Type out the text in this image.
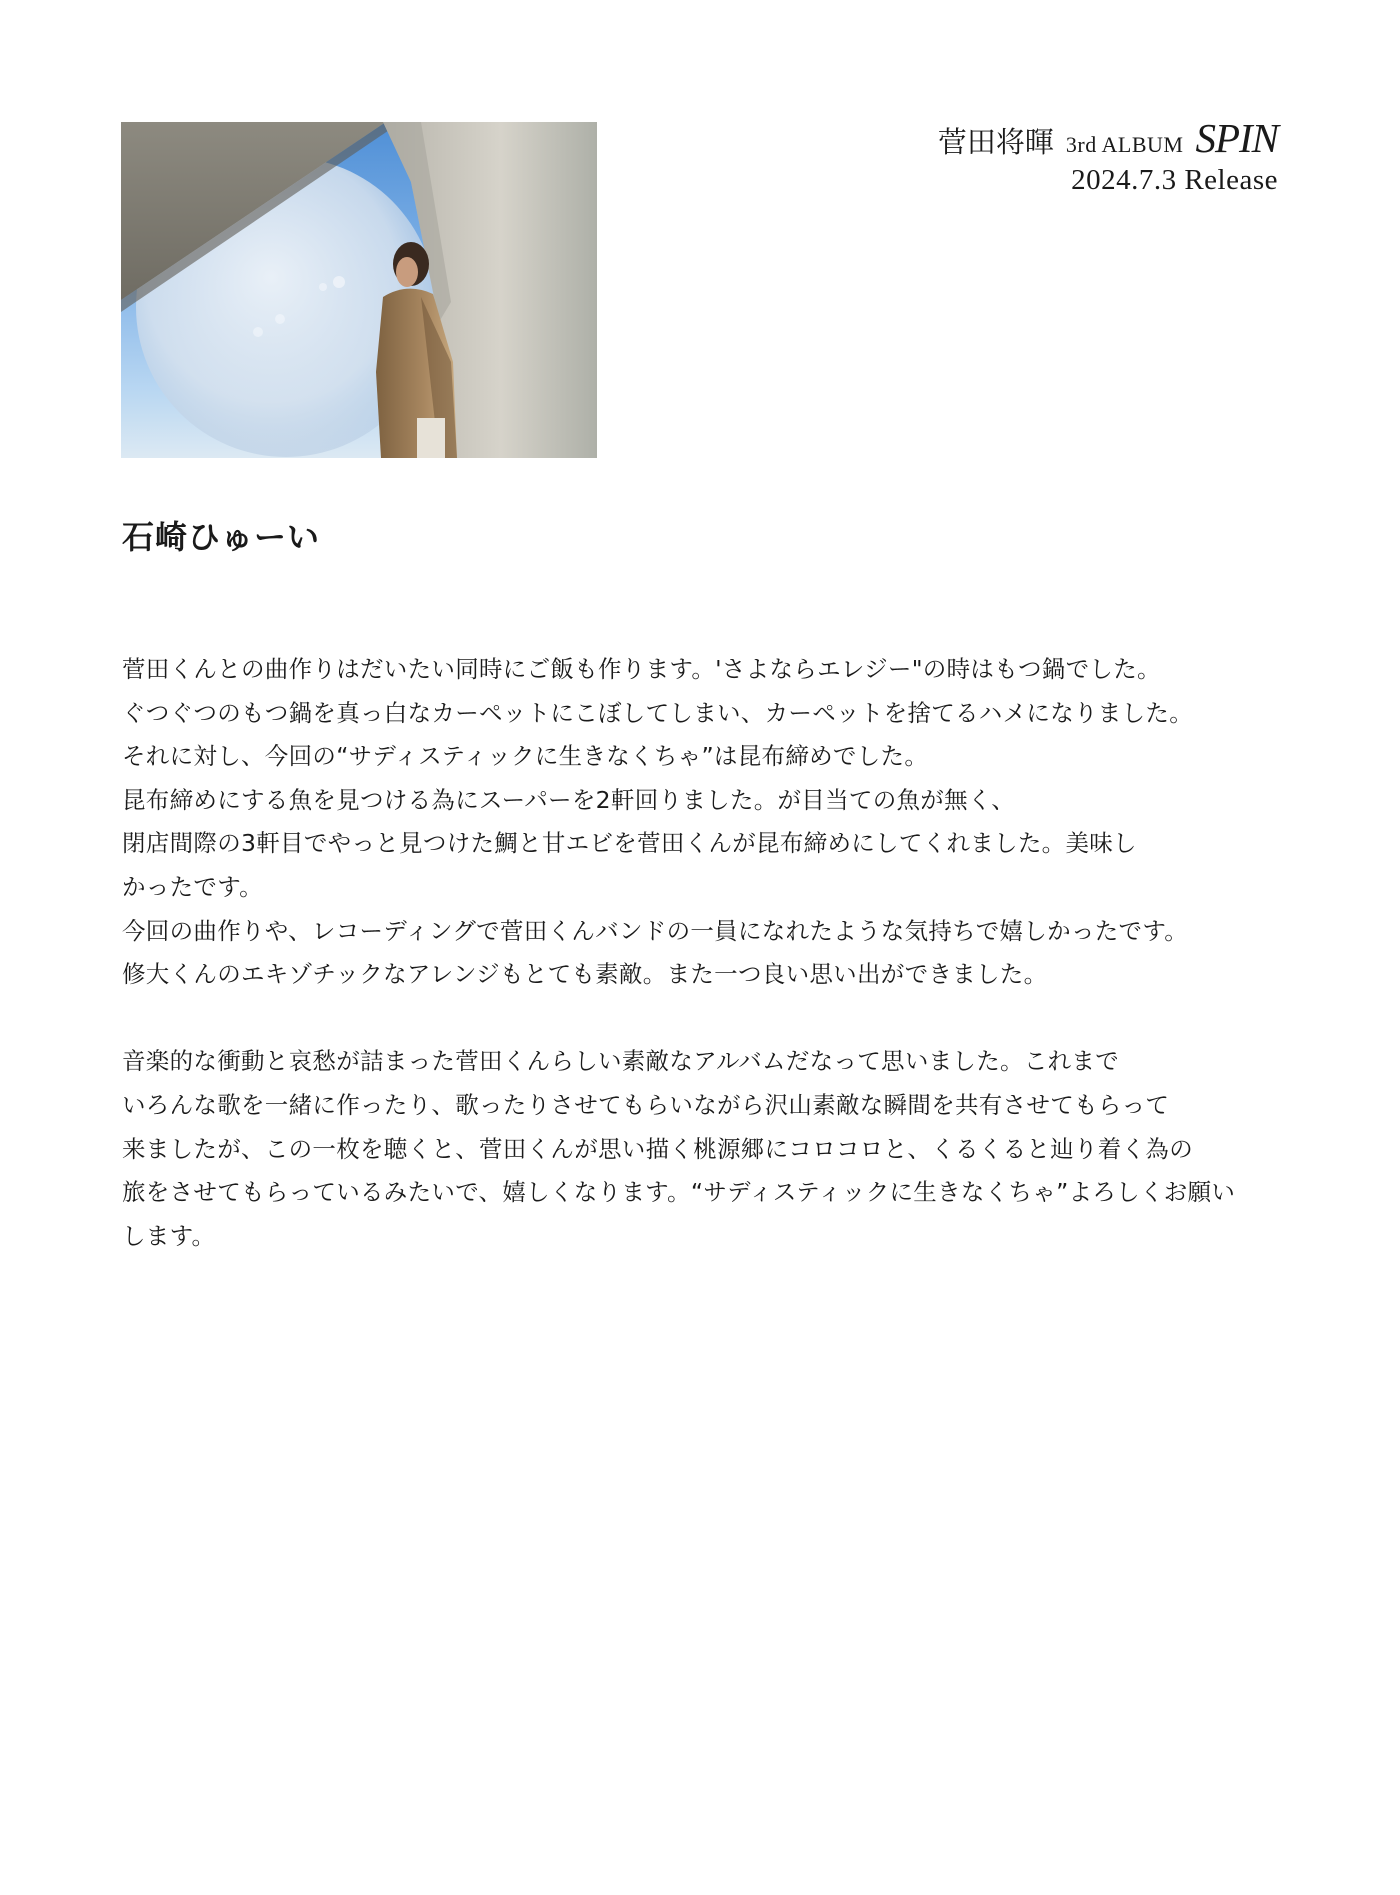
菅田将暉 3rd ALBUM SPIN
2024.7.3 Release
石崎ひゅーい
菅田くんとの曲作りはだいたい同時にご飯も作ります。'さよならエレジー"の時はもつ鍋でした。
ぐつぐつのもつ鍋を真っ白なカーペットにこぼしてしまい、カーペットを捨てるハメになりました。
それに対し、今回の“サディスティックに生きなくちゃ”は昆布締めでした。
昆布締めにする魚を見つける為にスーパーを2軒回りました。が目当ての魚が無く、
閉店間際の3軒目でやっと見つけた鯛と甘エビを菅田くんが昆布締めにしてくれました。美味し
かったです。
今回の曲作りや、レコーディングで菅田くんバンドの一員になれたような気持ちで嬉しかったです。
修大くんのエキゾチックなアレンジもとても素敵。また一つ良い思い出ができました。
音楽的な衝動と哀愁が詰まった菅田くんらしい素敵なアルバムだなって思いました。これまで
いろんな歌を一緒に作ったり、歌ったりさせてもらいながら沢山素敵な瞬間を共有させてもらって
来ましたが、この一枚を聴くと、菅田くんが思い描く桃源郷にコロコロと、くるくると辿り着く為の
旅をさせてもらっているみたいで、嬉しくなります。“サディスティックに生きなくちゃ”よろしくお願い
します。
